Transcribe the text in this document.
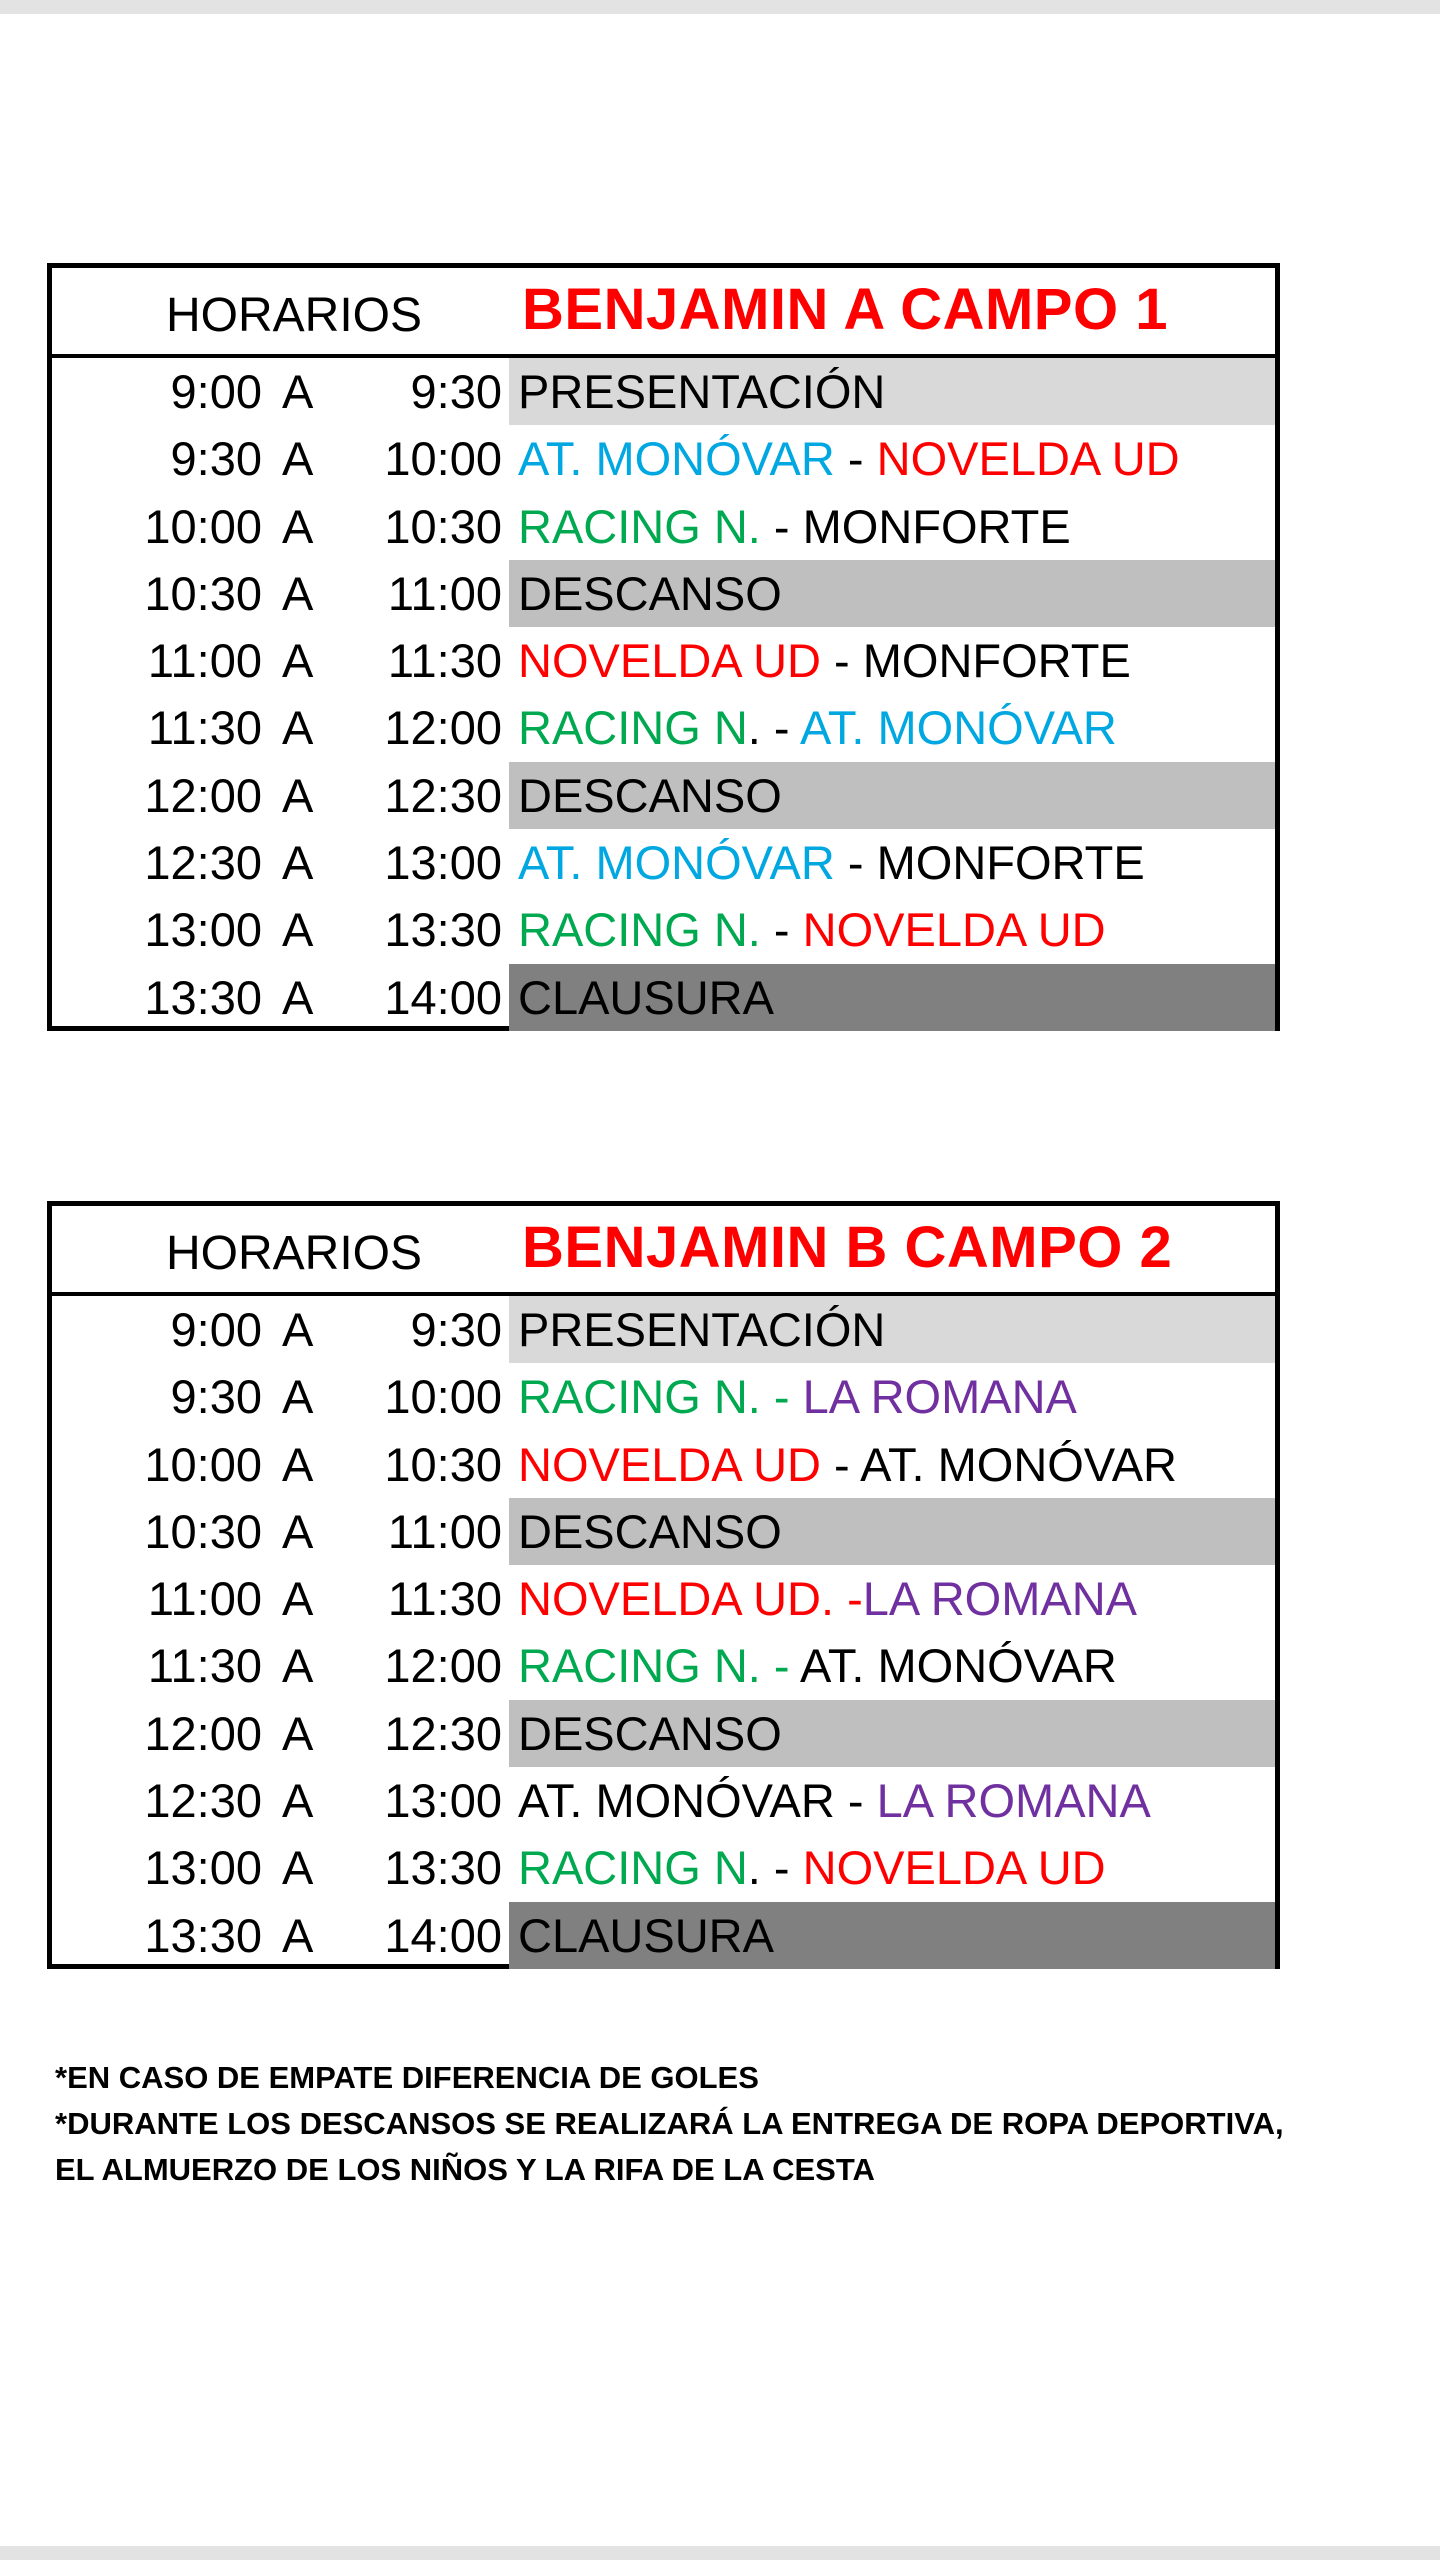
HORARIOS BENJAMIN A CAMPO 1
9:00 A	9:30 PRESENTACIÓN
9:30 A	10:00 AT. MONÓVAR - NOVELDA UD
10:00 A	10:30 RACING N. - MONFORTE
10:30 A	11:00 DESCANSO
11:00 A	11:30 NOVELDA UD - MONFORTE
11:30 A	12:00 RACING N. - AT. MONÓVAR
12:00 A	12:30 DESCANSO
12:30 A	13:00 AT. MONÓVAR - MONFORTE
13:00 A	13:30 RACING N. - NOVELDA UD
13:30 A	14:00 CLAUSURA
HORARIOS BENJAMIN B CAMPO 2
9:00 A	9:30 PRESENTACIÓN
9:30 A	10:00 RACING N. - LA ROMANA
10:00 A	10:30 NOVELDA UD - AT. MONÓVAR
10:30 A	11:00 DESCANSO
11:00 A	11:30 NOVELDA UD. -LA ROMANA
11:30 A	12:00 RACING N. - AT. MONÓVAR
12:00 A	12:30 DESCANSO
12:30 A	13:00 AT. MONÓVAR - LA ROMANA
13:00 A	13:30 RACING N. - NOVELDA UD
13:30 A	14:00 CLAUSURA

*EN CASO DE EMPATE DIFERENCIA DE GOLES

*DURANTE LOS DESCANSOS SE REALIZARÁ LA ENTREGA DE ROPA DEPORTIVA,

EL ALMUERZO DE LOS NIÑOS Y LA RIFA DE LA CESTA
